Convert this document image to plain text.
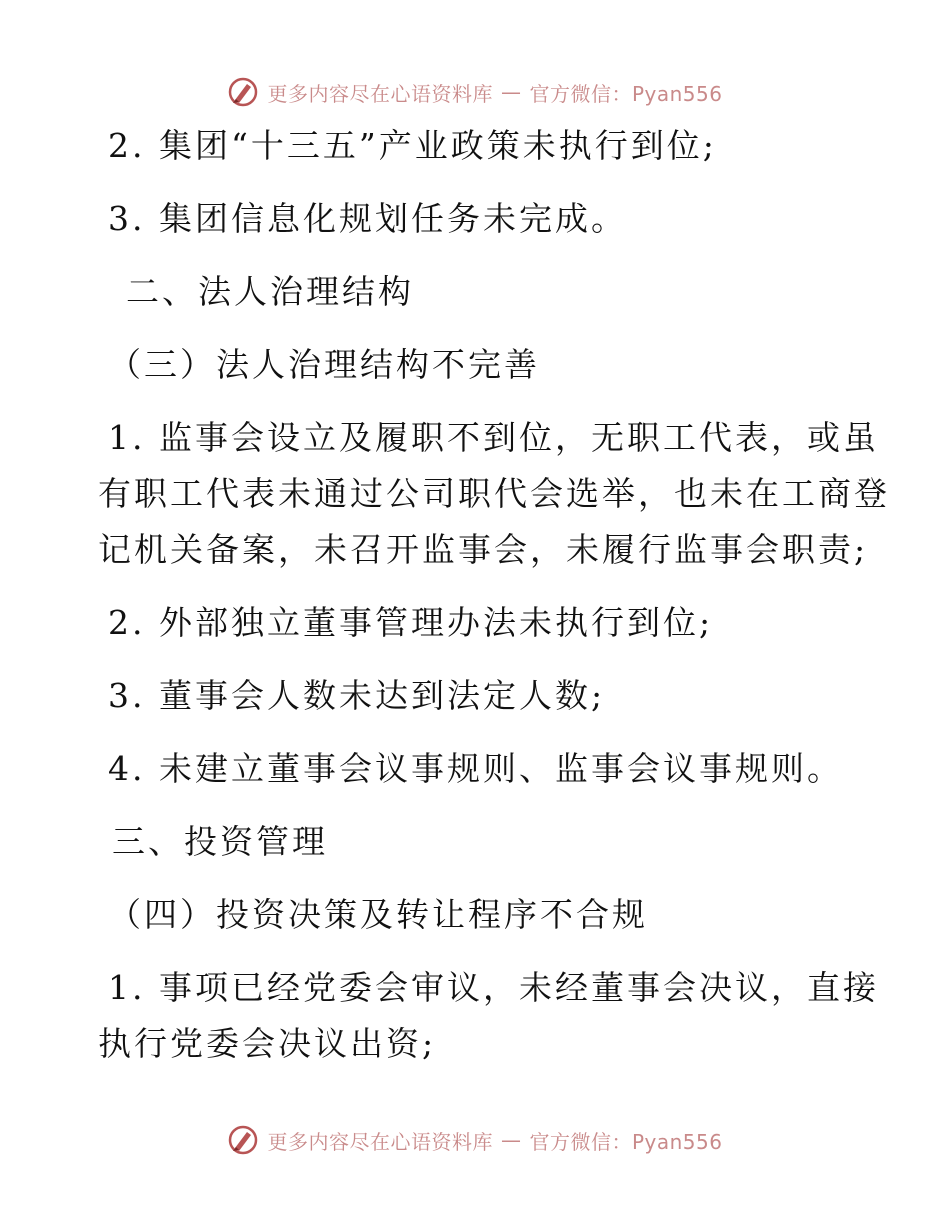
更多内容尽在心语资料库 — 官方微信：Pyan556

2. 集团“十三五”产业政策未执行到位;

3. 集团信息化规划任务未完成。

二、法人治理结构

（三）法人治理结构不完善

1. 监事会设立及履职不到位，无职工代表，或虽

有职工代表未通过公司职代会选举，也未在工商登

记机关备案，未召开监事会，未履行监事会职责;

2. 外部独立董事管理办法未执行到位;

3. 董事会人数未达到法定人数;

4. 未建立董事会议事规则、监事会议事规则。

三、投资管理

（四）投资决策及转让程序不合规

1. 事项已经党委会审议，未经董事会决议，直接

执行党委会决议出资;

更多内容尽在心语资料库 — 官方微信：Pyan556
